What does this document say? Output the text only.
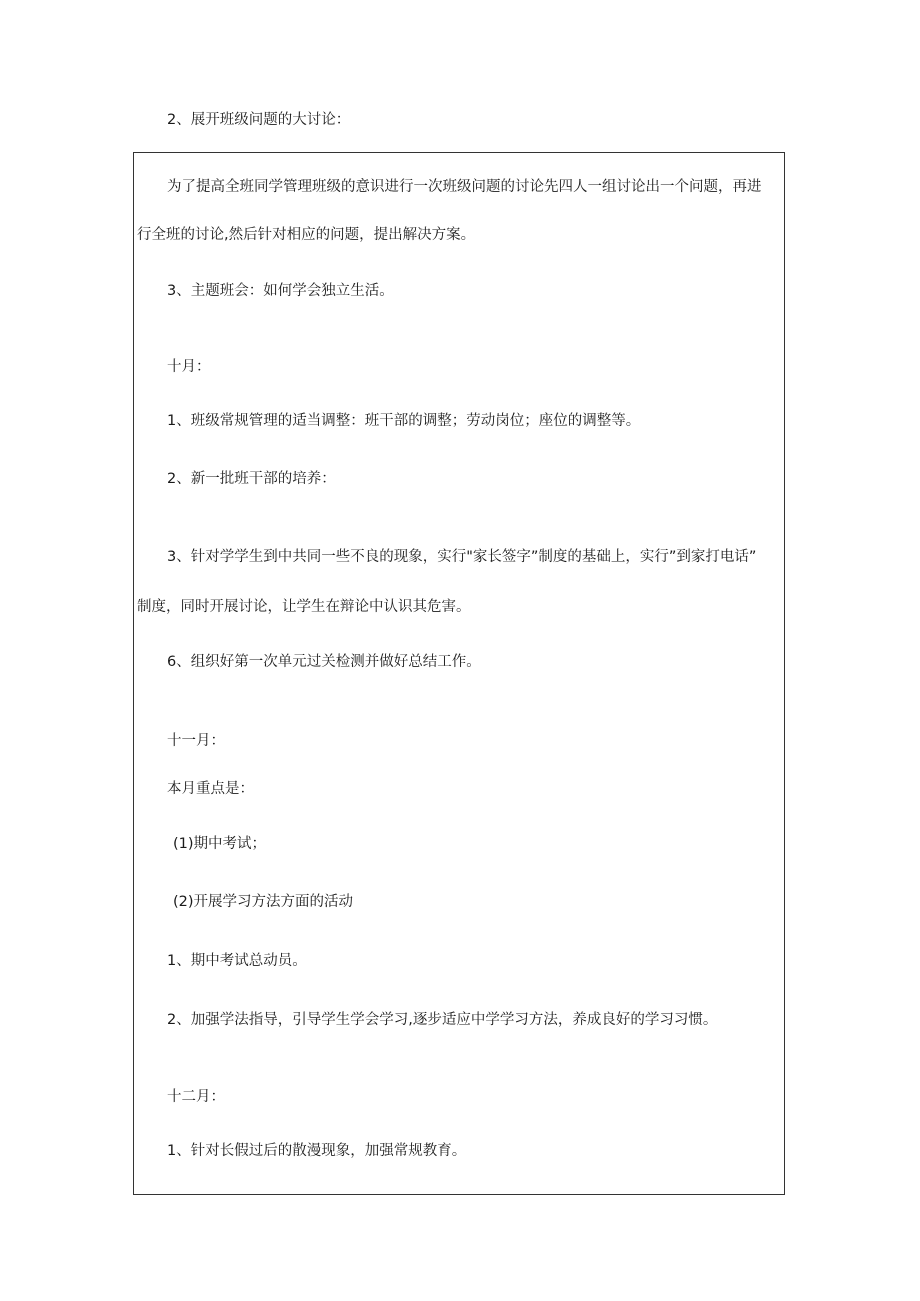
2、展开班级问题的大讨论：

为了提高全班同学管理班级的意识进行一次班级问题的讨论先四人一组讨论出一个问题，再进

行全班的讨论,然后针对相应的问题，提出解决方案。

3、主题班会：如何学会独立生活。

十月：

1、班级常规管理的适当调整：班干部的调整；劳动岗位；座位的调整等。

2、新一批班干部的培养：

3、针对学学生到中共同一些不良的现象，实行"家长签字”制度的基础上，实行”到家打电话”

制度，同时开展讨论，让学生在辩论中认识其危害。

6、组织好第一次单元过关检测并做好总结工作。

十一月：

本月重点是：

(1)期中考试；

(2)开展学习方法方面的活动

1、期中考试总动员。

2、加强学法指导，引导学生学会学习,逐步适应中学学习方法，养成良好的学习习惯。

十二月：

1、针对长假过后的散漫现象，加强常规教育。
